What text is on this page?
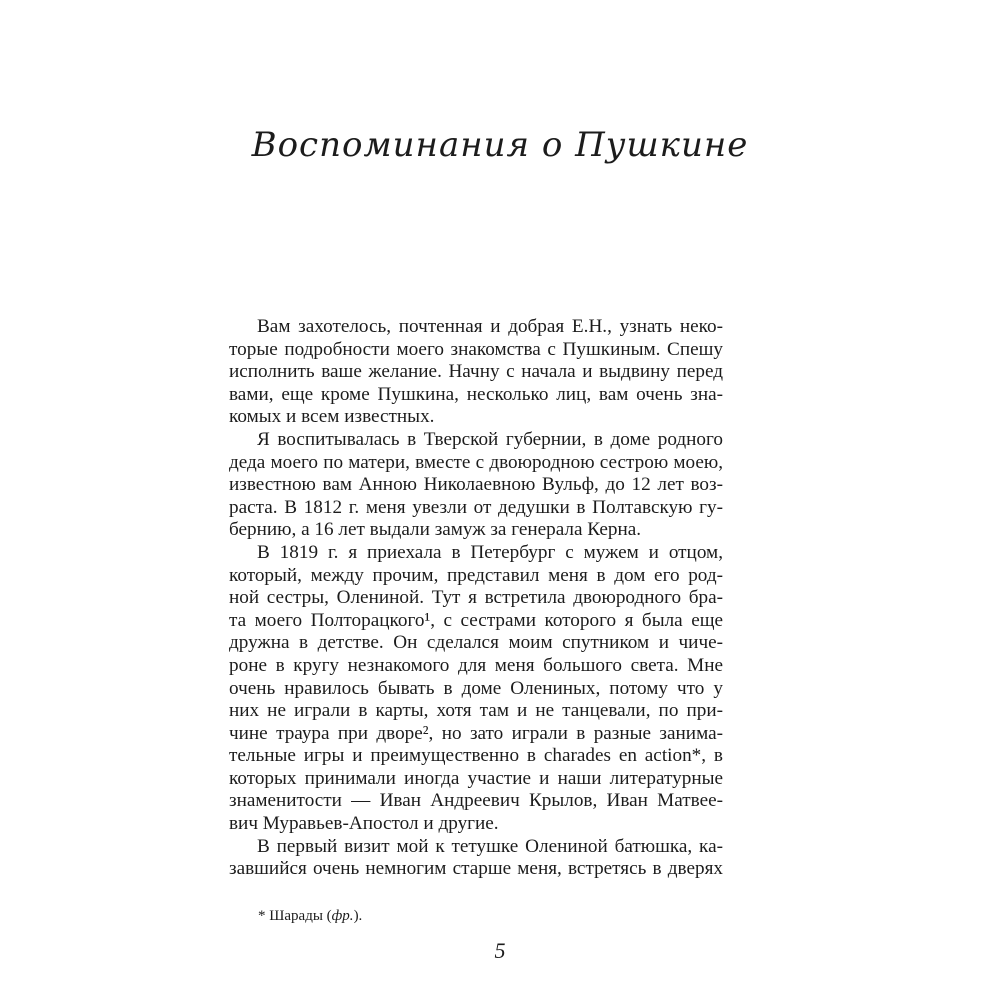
Воспоминания о Пушкине
Вам захотелось, почтенная и добрая Е.Н., узнать неко-
торые подробности моего знакомства с Пушкиным. Спешу
исполнить ваше желание. Начну с начала и выдвину перед
вами, еще кроме Пушкина, несколько лиц, вам очень зна-
комых и всем известных.
Я воспитывалась в Тверской губернии, в доме родного
деда моего по матери, вместе с двоюродною сестрою моею,
известною вам Анною Николаевною Вульф, до 12 лет воз-
раста. В 1812 г. меня увезли от дедушки в Полтавскую гу-
бернию, а 16 лет выдали замуж за генерала Керна.
В 1819 г. я приехала в Петербург с мужем и отцом,
который, между прочим, представил меня в дом его род-
ной сестры, Олениной. Тут я встретила двоюродного бра-
та моего Полторацкого¹, с сестрами которого я была еще
дружна в детстве. Он сделался моим спутником и чиче-
роне в кругу незнакомого для меня большого света. Мне
очень нравилось бывать в доме Олениных, потому что у
них не играли в карты, хотя там и не танцевали, по при-
чине траура при дворе², но зато играли в разные занима-
тельные игры и преимущественно в charades en action*, в
которых принимали иногда участие и наши литературные
знаменитости — Иван Андреевич Крылов, Иван Матвее-
вич Муравьев-Апостол и другие.
В первый визит мой к тетушке Олениной батюшка, ка-
завшийся очень немногим старше меня, встретясь в дверях
* Шарады (фр.).
5
